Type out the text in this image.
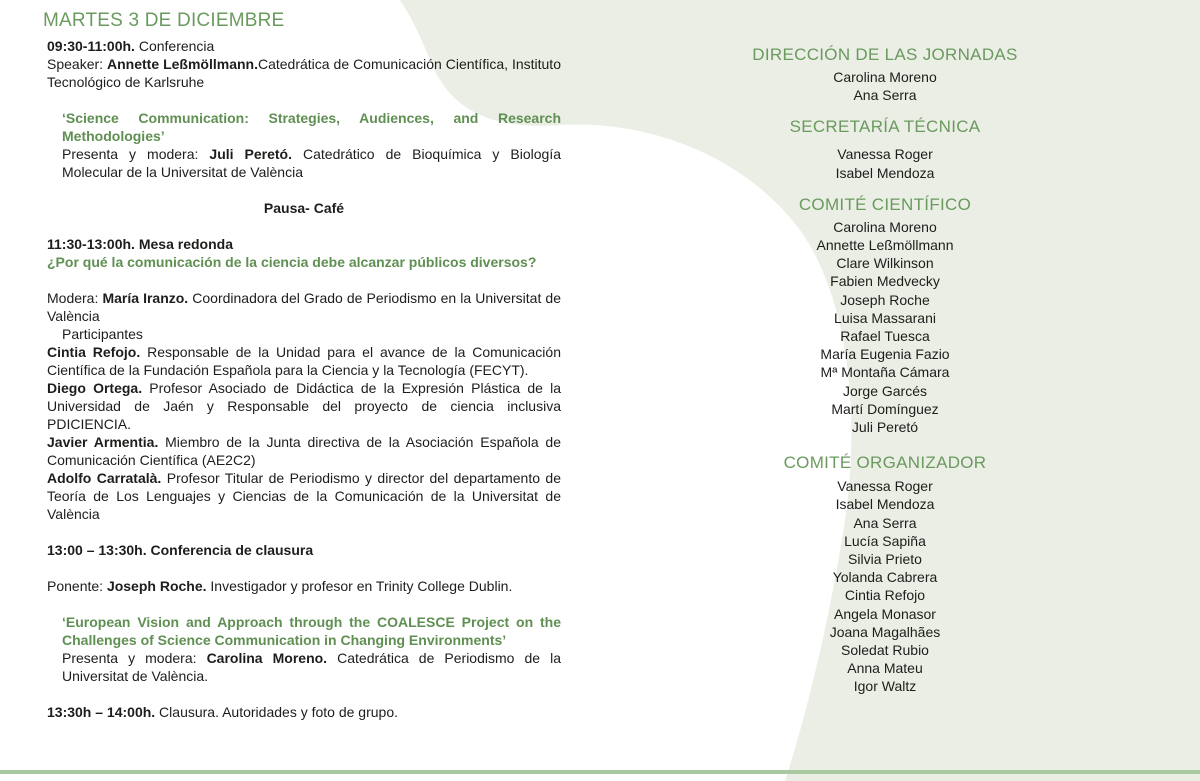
MARTES 3 DE DICIEMBRE

09:30-11:00h. Conferencia

Speaker: Annette Leßmöllmann.Catedrática de Comunicación Científica, Instituto Tecnológico de Karlsruhe

‘Science Communication: Strategies, Audiences, and Research Methodologies’

Presenta y modera: Juli Peretó. Catedrático de Bioquímica y Biología Molecular de la Universitat de València

Pausa- Café

11:30-13:00h. Mesa redonda

¿Por qué la comunicación de la ciencia debe alcanzar públicos diversos?

Modera: María Iranzo. Coordinadora del Grado de Periodismo en la Universitat de València

Participantes

Cintia Refojo. Responsable de la Unidad para el avance de la Comunicación Científica de la Fundación Española para la Ciencia y la Tecnología (FECYT).

Diego Ortega. Profesor Asociado de Didáctica de la Expresión Plástica de la Universidad de Jaén y Responsable del proyecto de ciencia inclusiva PDICIENCIA.

Javier Armentia. Miembro de la Junta directiva de la Asociación Española de Comunicación Científica (AE2C2)

Adolfo Carratalà. Profesor Titular de Periodismo y director del departamento de Teoría de Los Lenguajes y Ciencias de la Comunicación de la Universitat de València

13:00 – 13:30h. Conferencia de clausura

Ponente: Joseph Roche. Investigador y profesor en Trinity College Dublin.

‘European Vision and Approach through the COALESCE Project on the Challenges of Science Communication in Changing Environments’

Presenta y modera: Carolina Moreno. Catedrática de Periodismo de la Universitat de València.

13:30h – 14:00h. Clausura. Autoridades y foto de grupo.

DIRECCIÓN DE LAS JORNADAS
Carolina Moreno
Ana Serra
SECRETARÍA TÉCNICA
Vanessa Roger
Isabel Mendoza
COMITÉ CIENTÍFICO
Carolina Moreno
Annette Leßmöllmann
Clare Wilkinson
Fabien Medvecky
Joseph Roche
Luisa Massarani
Rafael Tuesca
María Eugenia Fazio
Mª Montaña Cámara
Jorge Garcés
Martí Domínguez
Juli Peretó
COMITÉ ORGANIZADOR
Vanessa Roger
Isabel Mendoza
Ana Serra
Lucía Sapiña
Silvia Prieto
Yolanda Cabrera
Cintia Refojo
Angela Monasor
Joana Magalhães
Soledat Rubio
Anna Mateu
Igor Waltz
